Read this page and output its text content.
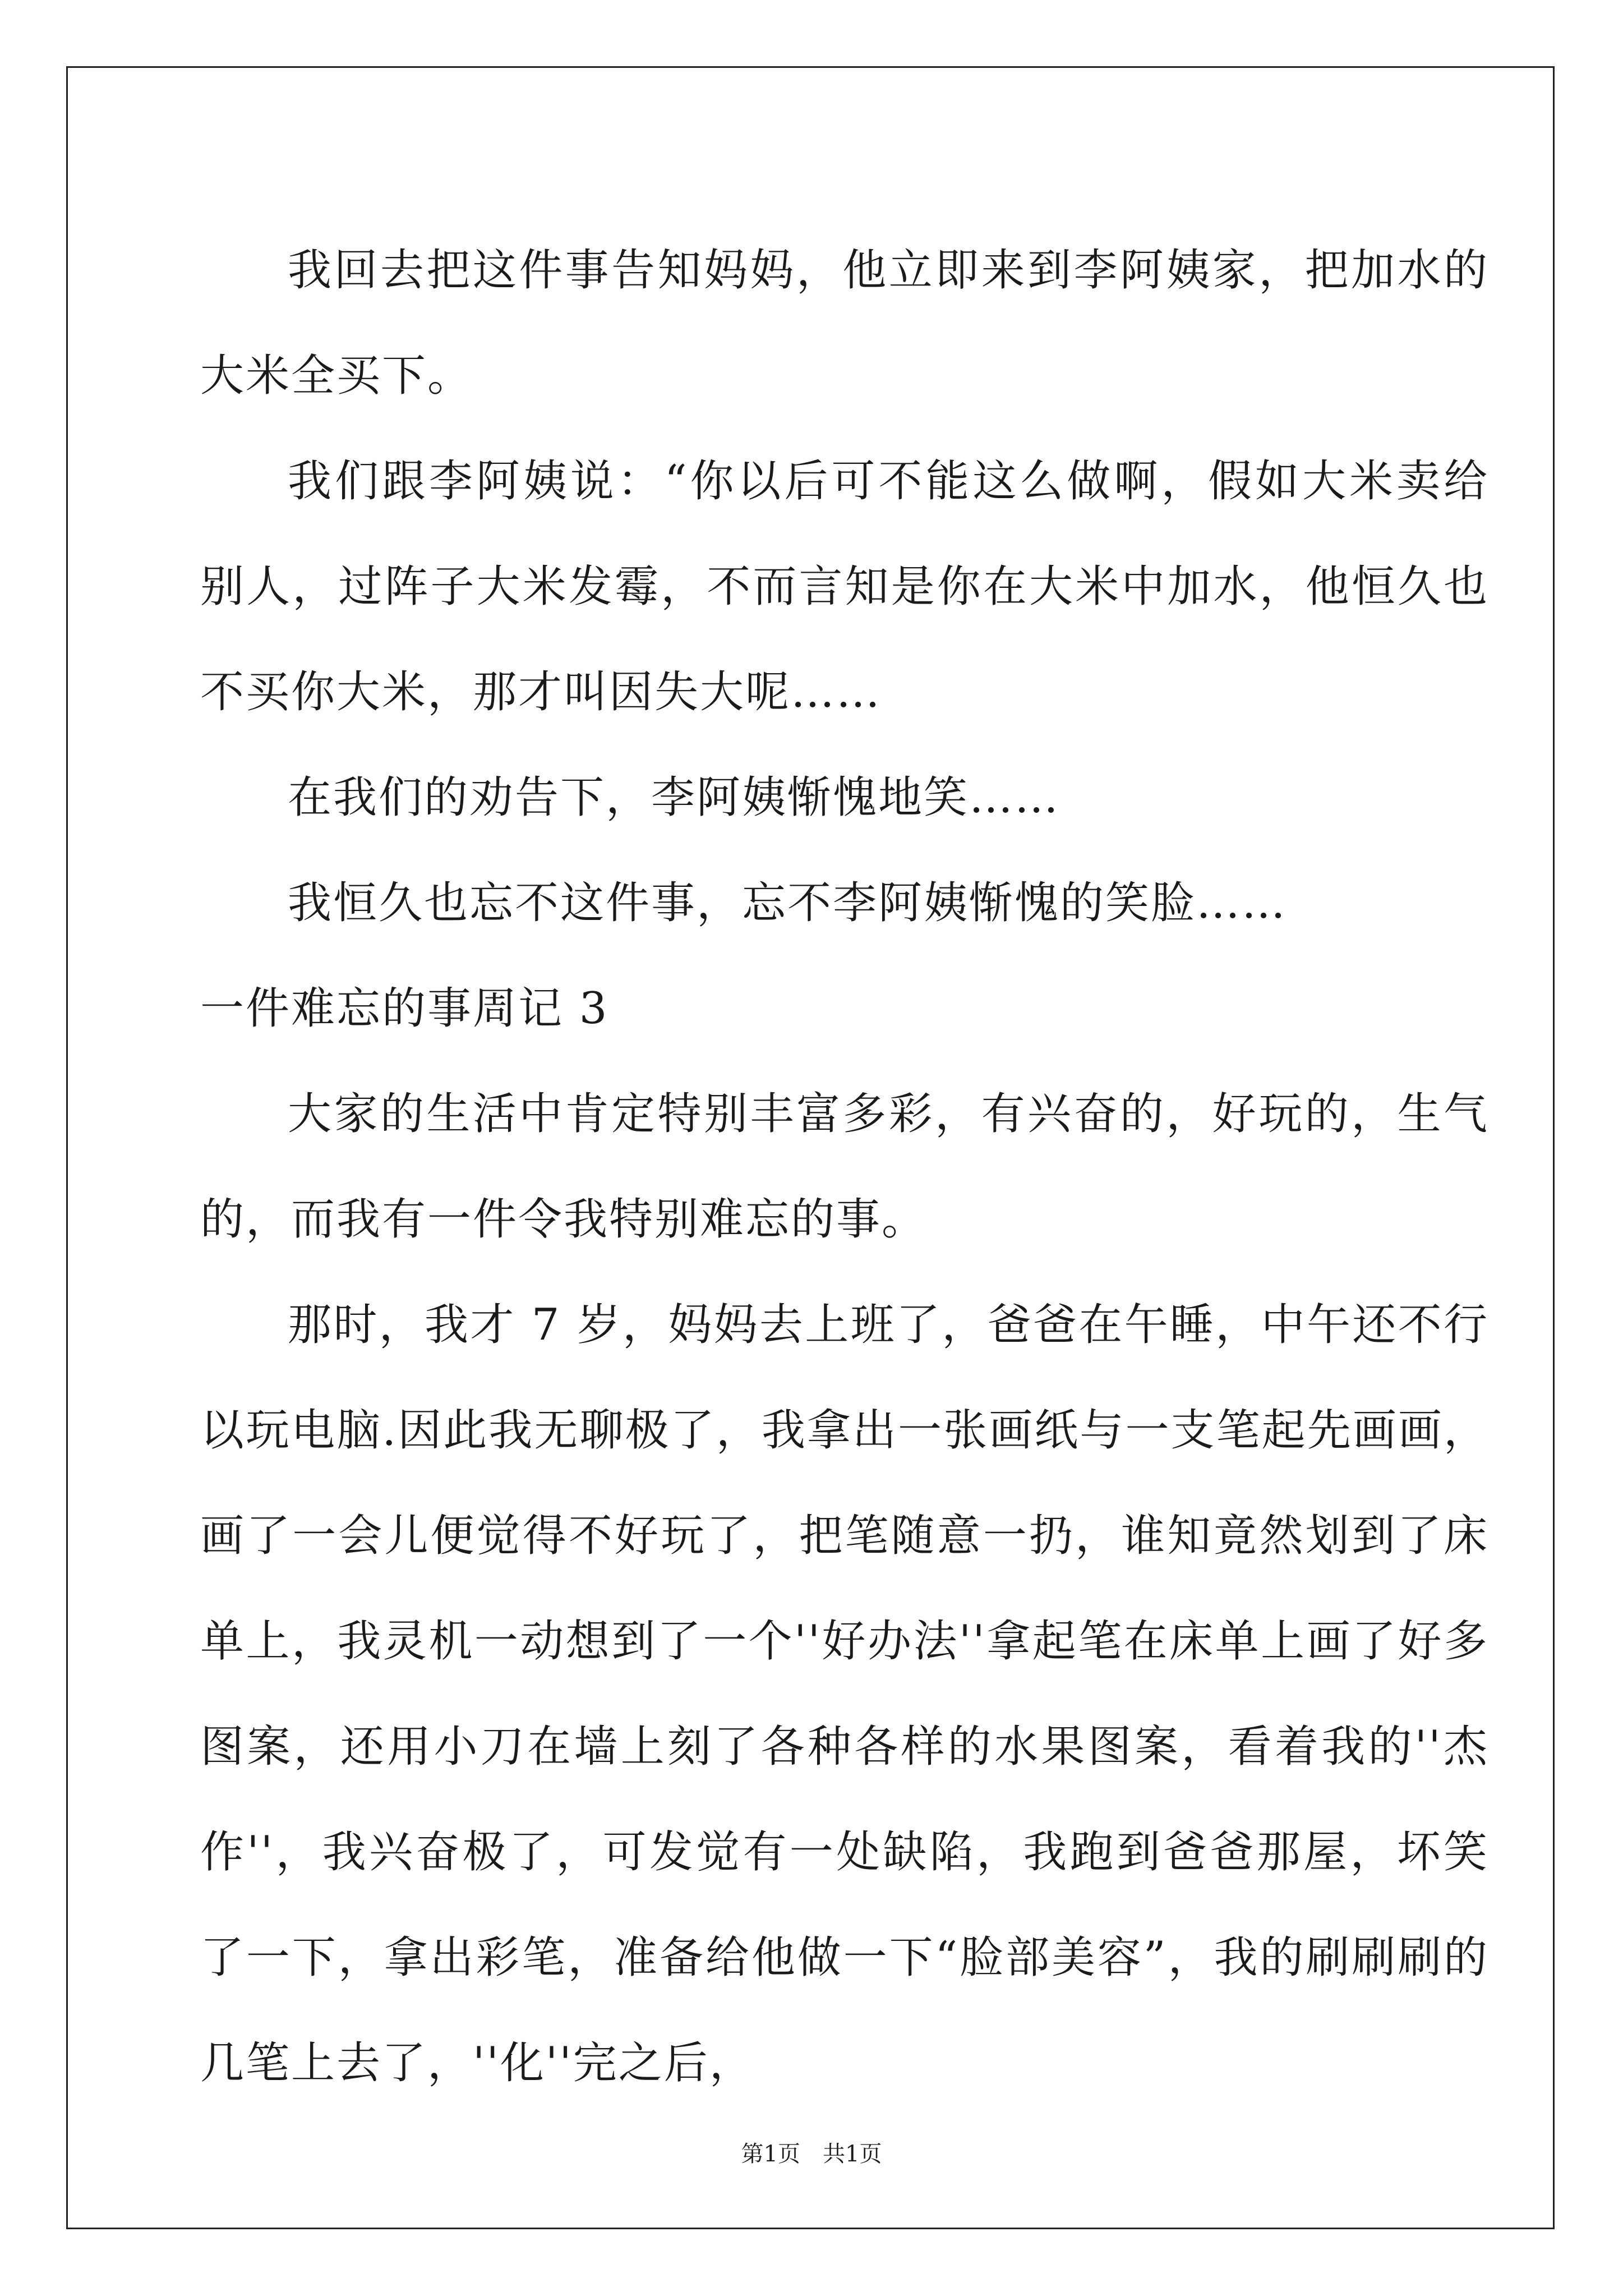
我回去把这件事告知妈妈，他立即来到李阿姨家，把加水的大米全买下。

我们跟李阿姨说：“你以后可不能这么做啊，假如大米卖给别人，过阵子大米发霉，不而言知是你在大米中加水，他恒久也不买你大米，那才叫因失大呢……

在我们的劝告下，李阿姨惭愧地笑……

我恒久也忘不这件事，忘不李阿姨惭愧的笑脸……

一件难忘的事周记 3

大家的生活中肯定特别丰富多彩，有兴奋的，好玩的，生气的，而我有一件令我特别难忘的事。

那时，我才 7 岁，妈妈去上班了，爸爸在午睡，中午还不行以玩电脑.因此我无聊极了，我拿出一张画纸与一支笔起先画画，画了一会儿便觉得不好玩了，把笔随意一扔，谁知竟然划到了床单上，我灵机一动想到了一个''好办法''拿起笔在床单上画了好多图案，还用小刀在墙上刻了各种各样的水果图案，看着我的''杰作''，我兴奋极了，可发觉有一处缺陷，我跑到爸爸那屋，坏笑了一下，拿出彩笔，准备给他做一下“脸部美容”，我的刷刷刷的几笔上去了，''化''完之后，

第1页　共1页
